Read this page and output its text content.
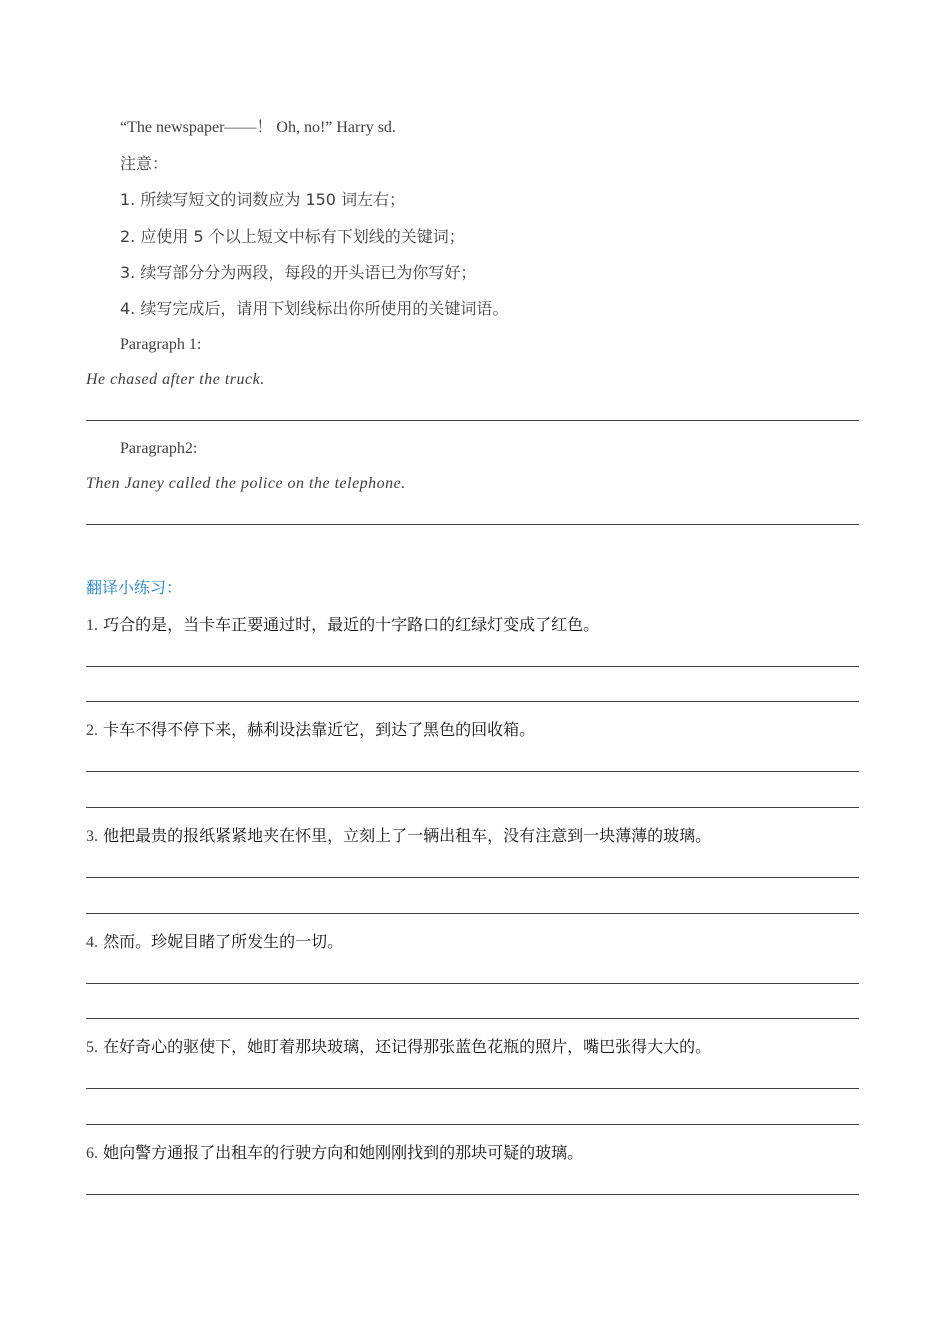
“The newspaper——！ Oh, no!” Harry sd.
注意：
1. 所续写短文的词数应为 150 词左右；
2. 应使用 5 个以上短文中标有下划线的关键词；
3. 续写部分分为两段，每段的开头语已为你写好；
4. 续写完成后，请用下划线标出你所使用的关键词语。
Paragraph 1:
He chased after the truck.
Paragraph2:
Then Janey called the police on the telephone.
翻译小练习：
1. 巧合的是，当卡车正要通过时，最近的十字路口的红绿灯变成了红色。
2. 卡车不得不停下来，赫利设法靠近它，到达了黑色的回收箱。
3. 他把最贵的报纸紧紧地夹在怀里，立刻上了一辆出租车，没有注意到一块薄薄的玻璃。
4. 然而。珍妮目睹了所发生的一切。
5. 在好奇心的驱使下，她盯着那块玻璃，还记得那张蓝色花瓶的照片，嘴巴张得大大的。
6. 她向警方通报了出租车的行驶方向和她刚刚找到的那块可疑的玻璃。
